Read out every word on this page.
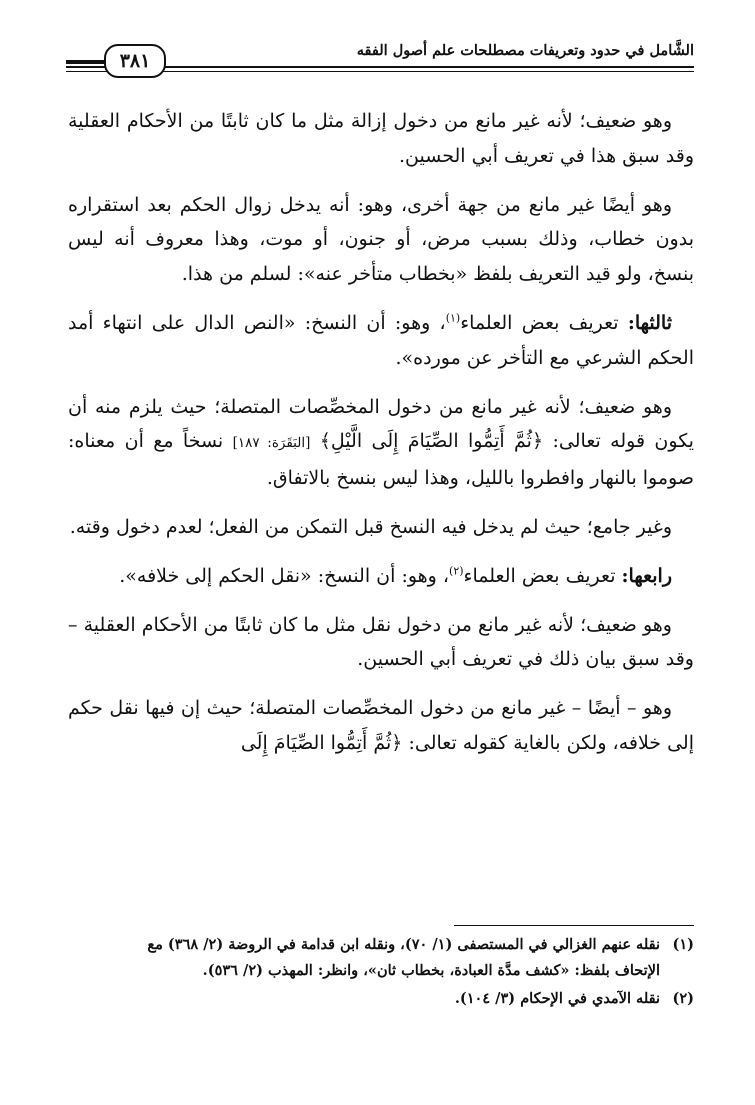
٣٨١	الشَّامل في حدود وتعريفات مصطلحات علم أصول الفقه

وهو ضعيف؛ لأنه غير مانع من دخول إزالة مثل ما كان ثابتًا من الأحكام العقلية وقد سبق هذا في تعريف أبي الحسين.

وهو أيضًا غير مانع من جهة أخرى، وهو: أنه يدخل زوال الحكم بعد استقراره بدون خطاب، وذلك بسبب مرض، أو جنون، أو موت، وهذا معروف أنه ليس بنسخ، ولو قيد التعريف بلفظ «بخطاب متأخر عنه»: لسلم من هذا.

ثالثها: تعريف بعض العلماء$^{(١)}$، وهو: أن النسخ: «النص الدال على انتهاء أمد الحكم الشرعي مع التأخر عن مورده».

وهو ضعيف؛ لأنه غير مانع من دخول المخصِّصات المتصلة؛ حيث يلزم منه أن يكون قوله تعالى: ﴿ثُمَّ أَتِمُّوا الصِّيَامَ إِلَى الَّيْلِ﴾ [البَقَرَة: ١٨٧] نسخاً مع أن معناه: صوموا بالنهار وافطروا بالليل، وهذا ليس بنسخ بالاتفاق.

وغير جامع؛ حيث لم يدخل فيه النسخ قبل التمكن من الفعل؛ لعدم دخول وقته.

رابعها: تعريف بعض العلماء$^{(٢)}$، وهو: أن النسخ: «نقل الحكم إلى خلافه».

وهو ضعيف؛ لأنه غير مانع من دخول نقل مثل ما كان ثابتًا من الأحكام العقلية – وقد سبق بيان ذلك في تعريف أبي الحسين.

وهو – أيضًا – غير مانع من دخول المخصِّصات المتصلة؛ حيث إن فيها نقل حكم إلى خلافه، ولكن بالغاية كقوله تعالى: ﴿ثُمَّ أَتِمُّوا الصِّيَامَ إِلَى

(١)نقله عنهم الغزالي في المستصفى (١/ ٧٠)، ونقله ابن قدامة في الروضة (٢/ ٣٦٨) مع
الإتحاف بلفظ: «كشف مدَّة العبادة، بخطاب ثان»، وانظر: المهذب (٢/ ٥٣٦).
(٢)نقله الآمدي في الإحكام (٣/ ١٠٤).
